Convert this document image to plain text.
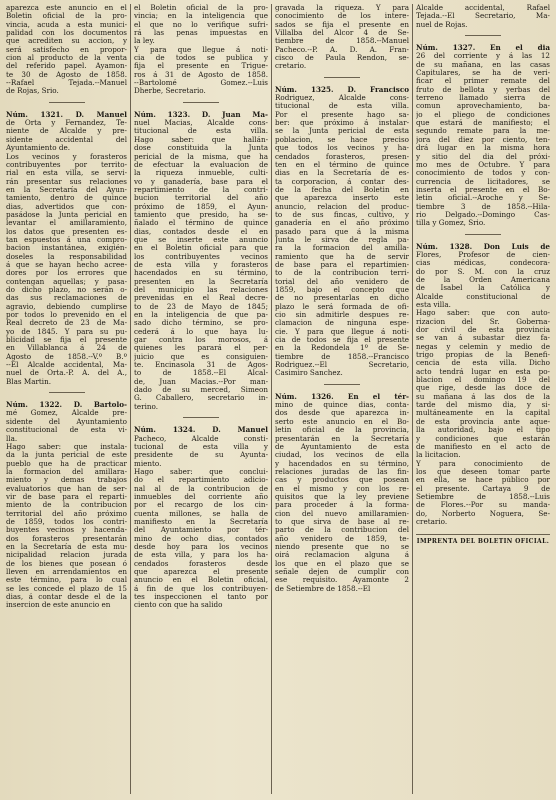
aparezca este anuncio en el
Boletin oficial de la pro-
vincia, acuda a esta munici-
palidad con los documentos
que acrediten su accion, y
será satisfecho en propor-
cion al producto de la venta
del referido papel. Ayamon-
te 30 de Agosto de 1858.
--Rafael Tejada.--Manuel
de Rojas, Srio.
Núm. 1321. D. Manuel
de Orta y Fernandez, Te-
niente de Alcalde y pre-
sidente accidental del
Ayuntamiento de.
Los vecinos y forasteros
contribuyentes por territo-
rial en esta villa, se servi-
rán presentar sus relaciones
en la Secretaría del Ayun-
tamiento, dentro de quince
dias, advertidos que con-
pasádose la Junta pericial en
levantar el amillaramiento,
los datos que presenten es-
tan espuestos á una compro-
bacion instantánea, exigién-
doseles la responsabilidad
á que se hayan hecho acree-
dores por los errores que
contengan aquellas; y pasa-
do dicho plazo, no serán o-
das sus reclamaciones de
agravio, debiendo cumplirse
por todos lo prevenido en el
Real decreto de 23 de Ma-
yo de 1845. Y para su pu-
blicidad se fija el presente
en Villablanca á 24 de
Agosto de 1858.--V.º B.º
--El Alcalde accidental, Ma-
nuel de Orta.-P. A. del A.,
Blas Martin.
Núm. 1322. D. Bartolo-
mé Gomez, Alcalde pre-
sidente del Ayuntamiento
constitucional de esta vi-
lla.
Hago saber: que instala-
da la junta pericial de este
pueblo que ha de practicar
la formacion del amillara-
miento y demas trabajos
evaluatorios que han de ser-
vir de base para el reparti-
miento de la contribucion
territorial del año próximo
de 1859, todos los contri-
buyentes vecinos y hacenda-
dos forasteros presentarán
en la Secretaría de esta mu-
nicipalidad relacion jurada
de los bienes que posean ó
lleven en arrendamientos en
este término, para lo cual
se les concede el plazo de 15
dias, á contar desde el de la
insercion de este anuncio en
el Boletin oficial de la pro-
vincia; en la inteligencia que
el que no lo verifique sufri-
rá las penas impuestas en
la ley.
Y para que llegue á noti-
cia de todos se publica y
fija el presente en Trigue-
ros á 31 de Agosto de 1858.
--Bartolomé Gomez.--Luis
Dherbe, Secretario.
Núm. 1323. D. Juan Ma-
nuel Macias, Alcalde cons-
titucional de esta villa.
Hago saber: que hallán-
dose constituida la Junta
pericial de la misma, que ha
de efectuar la evaluacion de
la riqueza inmueble, culti-
vo y ganadería, base para el
repartimiento de la contri-
bucion territorial del año
próximo de 1859, el Ayun-
tamiento que presido, ha se-
ñalado el término de quince
dias, contados desde el en
que se inserte este anuncio
en el Boletin oficial para que
los contribuyentes vecinos
de esta villa y forasteros
hacendados en su término,
presenten en la Secretaría
del municipio las relaciones
prevenidas en el Real decre-
to de 23 de Mayo de 1845;
en la inteligencia de que pa-
sado dicho término, se pro-
cederá á lo que haya lu-
gar contra los morosos, á
quienes les parará el per-
juicio que es consiguien-
te. Encinasola 31 de Agos-
to de 1858.--El Alcal-
de, Juan Macias.--Por man-
dado de su merced, Simeon
G. Caballero, secretario in-
terino.
Núm. 1324. D. Manuel
Pacheco, Alcalde consti-
tucional de esta villa y
presidente de su Ayunta-
miento.
Hago saber: que conclui-
do el repartimiento adicio-
nal al de la contribucion de
inmuebles del corriente año
por el recargo de los cin-
cuenta millones, se halla de
manifiesto en la Secretaría
del Ayuntamiento por tér-
mino de ocho dias, contados
desde hoy para los vecinos
de esta villa, y para los ha-
cendados forasteros desde
que aparezca el presente
anuncio en el Boletin oficial,
á fin de que los contribuyen-
tes inspeccionen el tanto por
ciento con que ha salido
gravada la riqueza. Y para
conocimiento de los intere-
sados se fija el presente en
Villalba del Alcor 4 de Se-
tiembre de 1858.--Manuel
Pacheco.--P. A. D. A. Fran-
cisco de Paula Rendon, se-
cretario.
Núm. 1325. D. Francisco
Rodriguez, Alcalde cons-
titucional de esta villa.
Por el presente hago sa-
ber: que próximo á instalar-
se la Junta pericial de esta
poblacion, se hace preciso
que todos los vecinos y ha-
cendados forasteros, presen-
ten en el término de quince
dias en la Secretaría de es-
ta corporacion, á contar des-
de la fecha del Boletin en
que aparezca inserto este
anuncio, relacion del produc-
to de sus fincas, cultivo, y
ganadería en el año próximo
pasado para que á la misma
Junta le sirva de regla pa-
ra la formacion del amilla-
ramiento que ha de servir
de base para el repartimien-
to de la contribucion terri-
torial del año venidero de
1859, bajo el concepto que
de no presentarlas en dicho
plazo le será formada de ofi-
cio sin admitirle despues re-
clamacion de ninguna espe-
cie. Y para que llegue á noti-
cia de todos se fija el presente
en la Redondela 1º de Se-
tiembre de 1858.--Francisco
Rodriguez.--El Secretario,
Casimiro Sanchez.
Núm. 1326. En el tér-
mino de quince dias, conta-
dos desde que aparezca in-
serto este anuncio en el Bo-
letin oficial de la provincia,
presentarán en la Secretaría
de Ayuntamiento de esta
ciudad, los vecinos de ella
y hacendados en su término,
relaciones juradas de las fin-
cas y productos que posean
en el mismo y con los re-
quisitos que la ley previene
para proceder á la forma-
cion del nuevo amillaramien-
to que sirva de base al re-
parto de la contribucion del
año venidero de 1859, te-
niendo presente que no se
oirá reclamacion alguna á
los que en el plazo que se
señale dejen de cumplir con
ese requisito. Ayamonte 2
de Setiembre de 1858.--El
Alcalde accidental, Rafael
Tejada.--El Secretario, Ma-
nuel de Rojas.
Núm. 1327. En el dia
26 del corriente y á las 12
de su mañana, en las casas
Capitulares, se ha de veri-
ficar el primer remate del
fruto de bellota y yerbas del
terreno llamado sierra de
comun aprovechamiento, ba-
jo el pliego de condiciones
que estará de manifiesto; el
segundo remate para la me-
jora del diez por ciento, ten-
drá lugar en la misma hora
y sitio del dia del próxi-
mo mes de Octubre. Y para
conocimiento de todos y con-
currencia de licitadores, se
inserta el presente en el Bo-
letin oficial.--Aroche y Se-
tiembre 3 de 1858.--Hila-
rio Delgado.--Domingo Cas-
tilla y Gomez, Srio.
Núm. 1328. Don Luis de
Flores, Profesor de cien-
cias médicas, condecora-
do por S. M. con la cruz
de la Orden Americana
de Isabel la Católica y
Alcalde constitucional de
esta villa.
Hago saber: que con auto-
rizacion del Sr. Goberna-
dor civil de esta provincia
se van á subastar diez fa-
negas y celemin y medio de
trigo propias de la Benefi-
cencia de esta villa. Dicho
acto tendrá lugar en esta po-
blacion el domingo 19 del
que rige, desde las doce de
su mañana á las dos de la
tarde del mismo dia, y si-
multáneamente en la capital
de esta provincia ante aque-
lla autoridad, bajo el tipo
y condiciones que estarán
de manifiesto en el acto de
la licitacion.
Y para conocimiento de
los que deseen tomar parte
en ella, se hace público por
el presente. Cartaya 9 de
Setiembre de 1858.--Luis
de Flores.--Por su manda-
do, Norberto Noguera, Se-
cretario.
IMPRENTA DEL BOLETIN OFICIAL.
